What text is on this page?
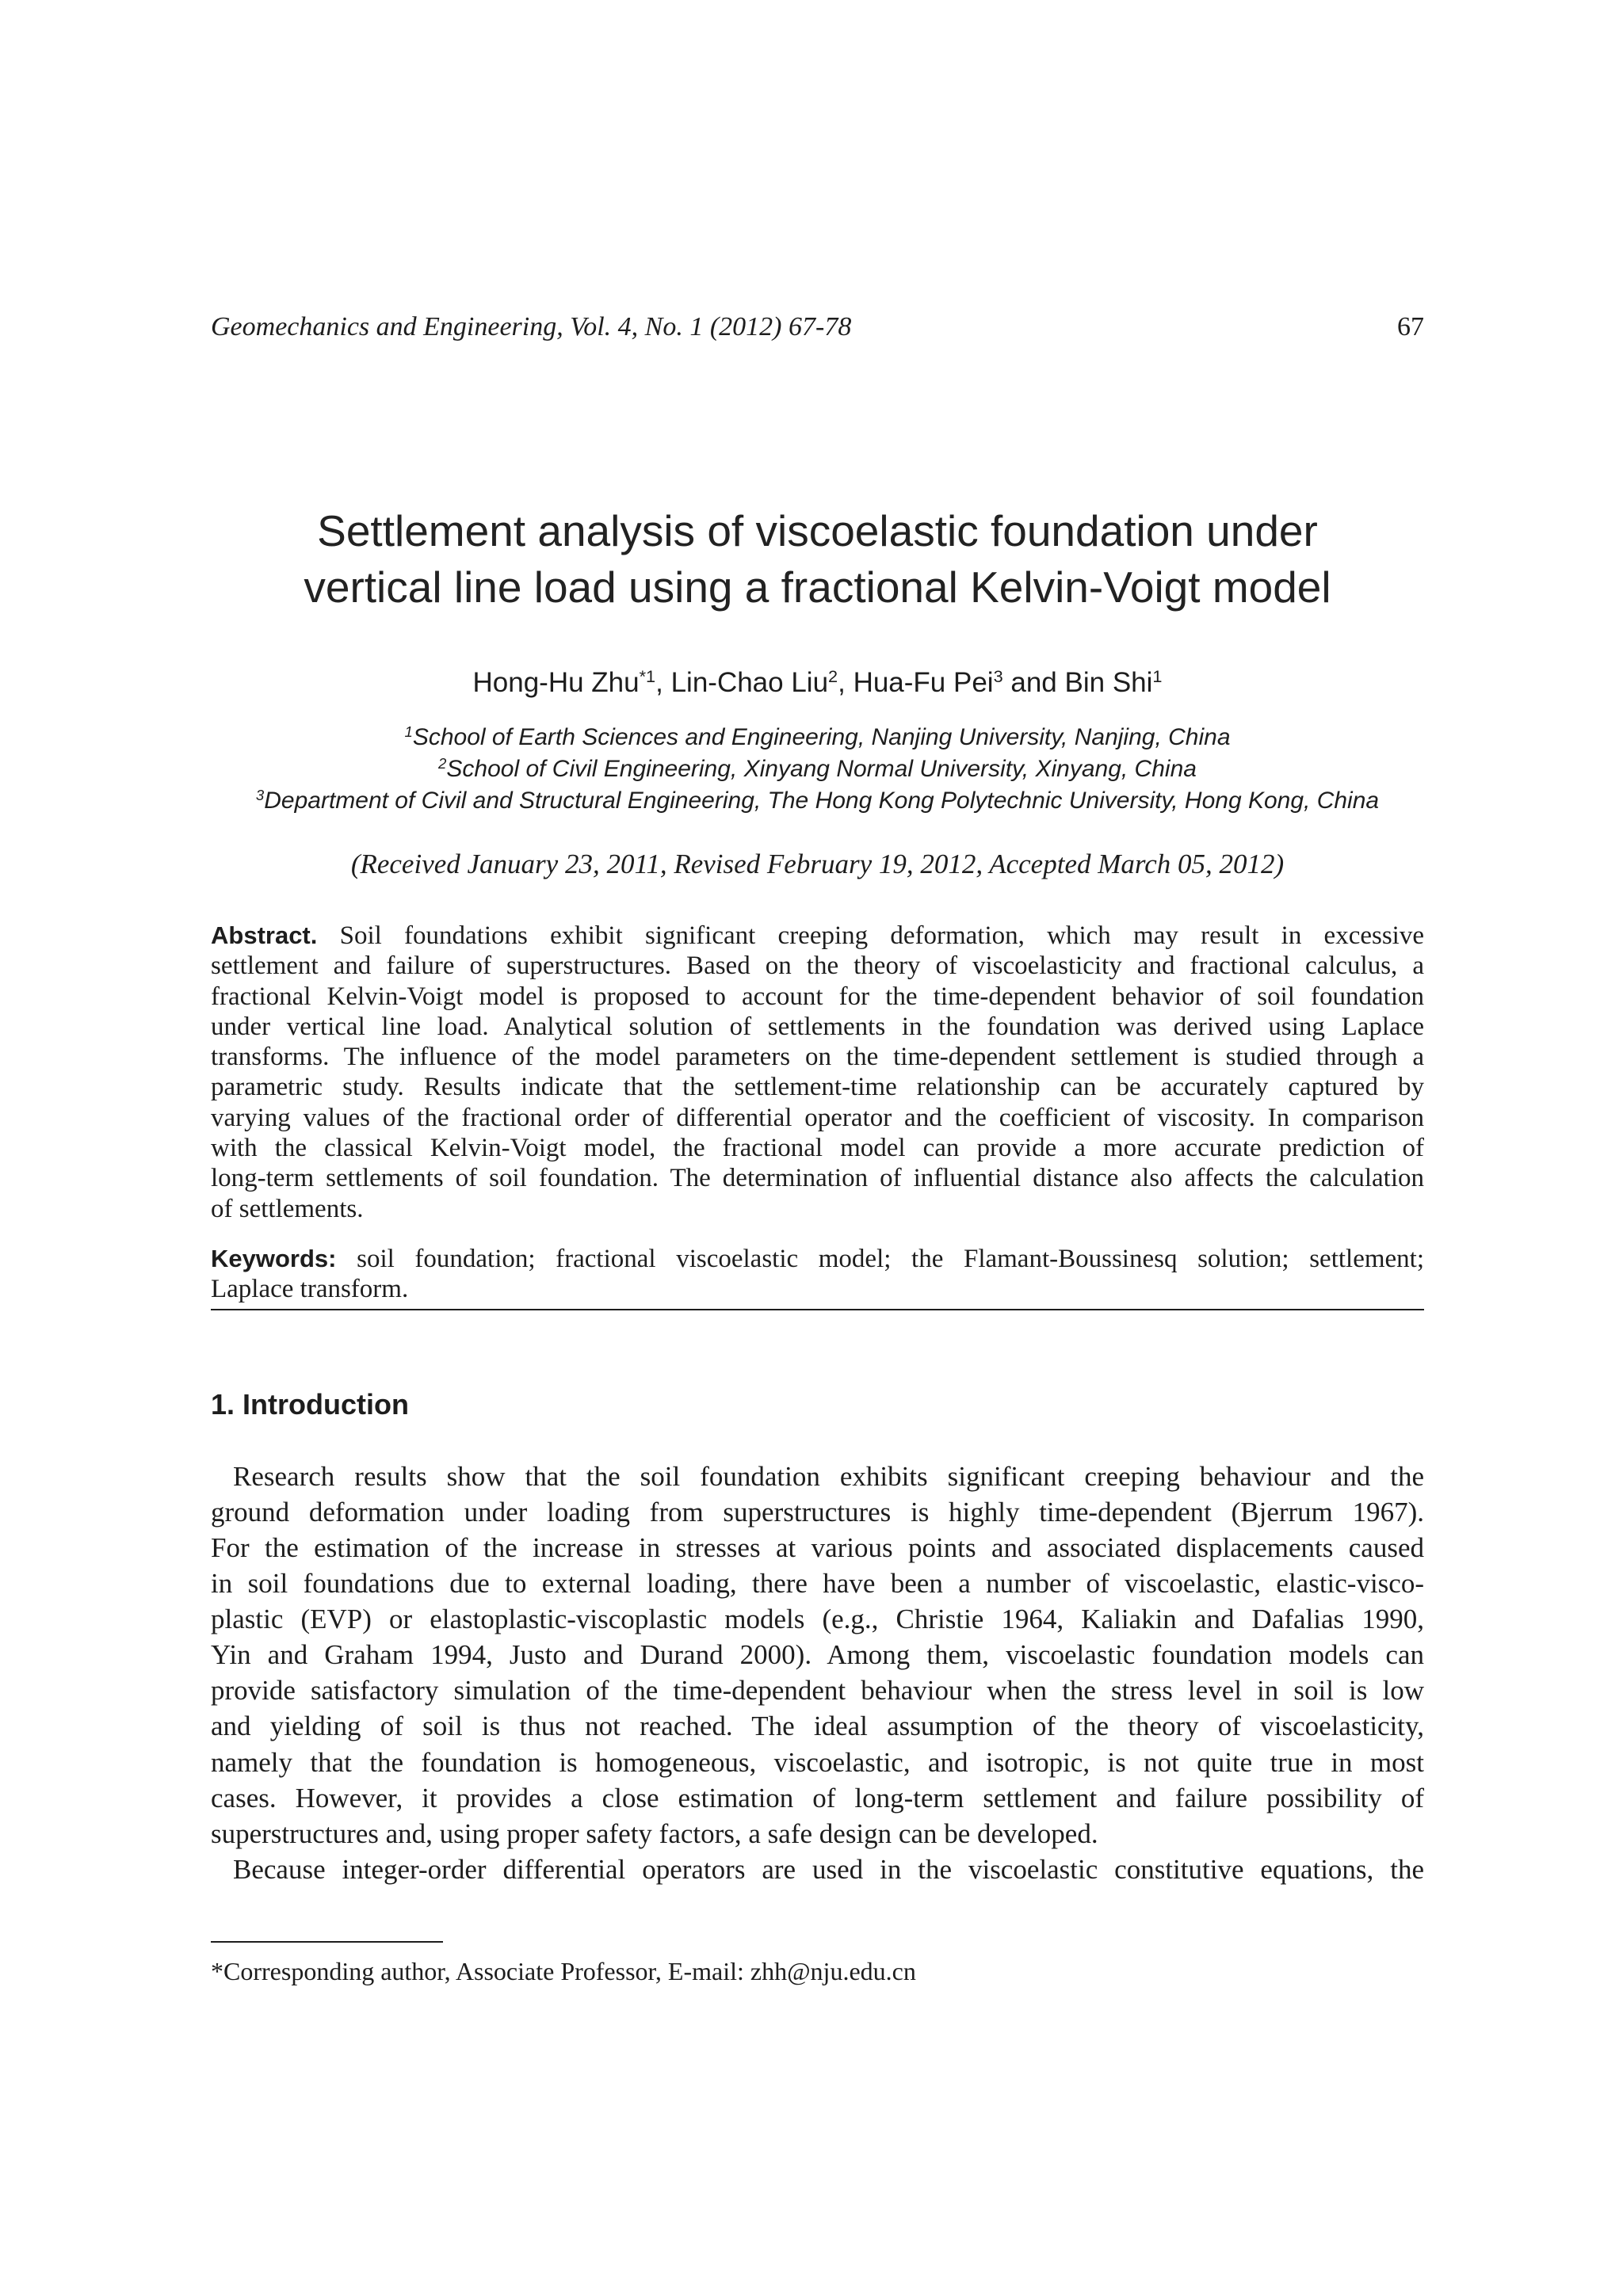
Geomechanics and Engineering, Vol. 4, No. 1 (2012) 67-78	67
Settlement analysis of viscoelastic foundation under
vertical line load using a fractional Kelvin-Voigt model
Hong-Hu Zhu$^{*1}$, Lin-Chao Liu$^2$, Hua-Fu Pei$^3$ and Bin Shi$^1$
$^1$School of Earth Sciences and Engineering, Nanjing University, Nanjing, China
$^2$School of Civil Engineering, Xinyang Normal University, Xinyang, China
$^3$Department of Civil and Structural Engineering, The Hong Kong Polytechnic University, Hong Kong, China
(Received January 23, 2011, Revised February 19, 2012, Accepted March 05, 2012)
Abstract. Soil foundations exhibit significant creeping deformation, which may result in excessive
settlement and failure of superstructures. Based on the theory of viscoelasticity and fractional calculus, a
fractional Kelvin-Voigt model is proposed to account for the time-dependent behavior of soil foundation
under vertical line load. Analytical solution of settlements in the foundation was derived using Laplace
transforms. The influence of the model parameters on the time-dependent settlement is studied through a
parametric study. Results indicate that the settlement-time relationship can be accurately captured by
varying values of the fractional order of differential operator and the coefficient of viscosity. In comparison
with the classical Kelvin-Voigt model, the fractional model can provide a more accurate prediction of
long-term settlements of soil foundation. The determination of influential distance also affects the calculation
of settlements.
Keywords: soil foundation; fractional viscoelastic model; the Flamant-Boussinesq solution; settlement;
Laplace transform.
1. Introduction
Research results show that the soil foundation exhibits significant creeping behaviour and the
ground deformation under loading from superstructures is highly time-dependent (Bjerrum 1967).
For the estimation of the increase in stresses at various points and associated displacements caused
in soil foundations due to external loading, there have been a number of viscoelastic, elastic-visco-
plastic (EVP) or elastoplastic-viscoplastic models (e.g., Christie 1964, Kaliakin and Dafalias 1990,
Yin and Graham 1994, Justo and Durand 2000). Among them, viscoelastic foundation models can
provide satisfactory simulation of the time-dependent behaviour when the stress level in soil is low
and yielding of soil is thus not reached. The ideal assumption of the theory of viscoelasticity,
namely that the foundation is homogeneous, viscoelastic, and isotropic, is not quite true in most
cases. However, it provides a close estimation of long-term settlement and failure possibility of
superstructures and, using proper safety factors, a safe design can be developed.
Because integer-order differential operators are used in the viscoelastic constitutive equations, the
*Corresponding author, Associate Professor, E-mail: zhh@nju.edu.cn
